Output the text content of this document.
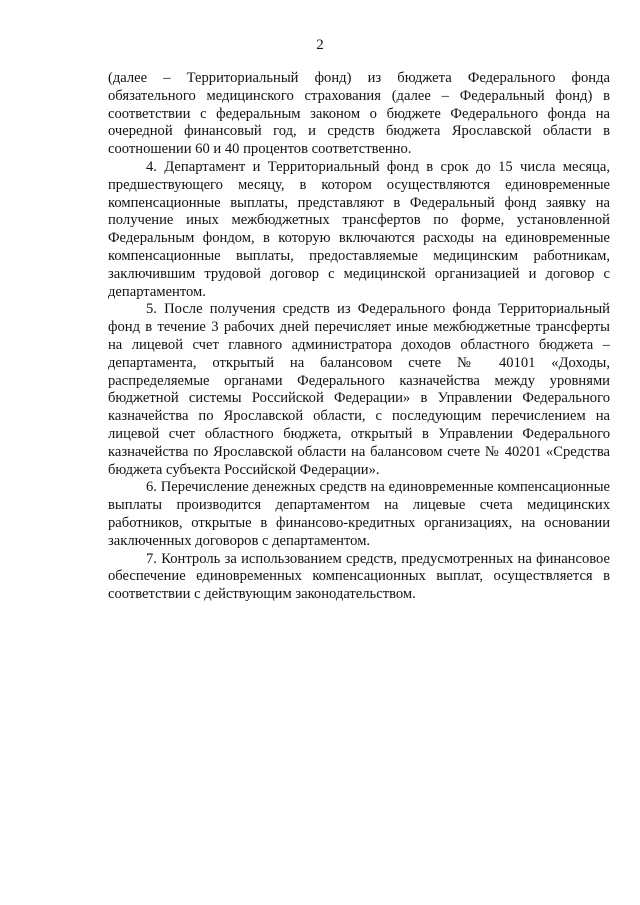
2

(далее – Территориальный фонд) из бюджета Федерального фонда обязательного медицинского страхования (далее – Федеральный фонд) в соответствии с федеральным законом о бюджете Федерального фонда на очередной финансовый год, и средств бюджета Ярославской области в соотношении 60 и 40 процентов соответственно.

4. Департамент и Территориальный фонд в срок до 15 числа месяца, предшествующего месяцу, в котором осуществляются единовременные компенсационные выплаты, представляют в Федеральный фонд заявку на получение иных межбюджетных трансфертов по форме, установленной Федеральным фондом, в которую включаются расходы на единовременные компенсационные выплаты, предоставляемые медицинским работникам, заключившим трудовой договор с медицинской организацией и договор с департаментом.

5. После получения средств из Федерального фонда Территориальный фонд в течение 3 рабочих дней перечисляет иные межбюджетные трансферты на лицевой счет главного администратора доходов областного бюджета – департамента, открытый на балансовом счете № 40101 «Доходы, распределяемые органами Федерального казначейства между уровнями бюджетной системы Российской Федерации» в Управлении Федерального казначейства по Ярославской области, с последующим перечислением на лицевой счет областного бюджета, открытый в Управлении Федерального казначейства по Ярославской области на балансовом счете № 40201 «Средства бюджета субъекта Российской Федерации».

6. Перечисление денежных средств на единовременные компенсационные выплаты производится департаментом на лицевые счета медицинских работников, открытые в финансово-кредитных организациях, на основании заключенных договоров с департаментом.

7. Контроль за использованием средств, предусмотренных на финансовое обеспечение единовременных компенсационных выплат, осуществляется в соответствии с действующим законодательством.
